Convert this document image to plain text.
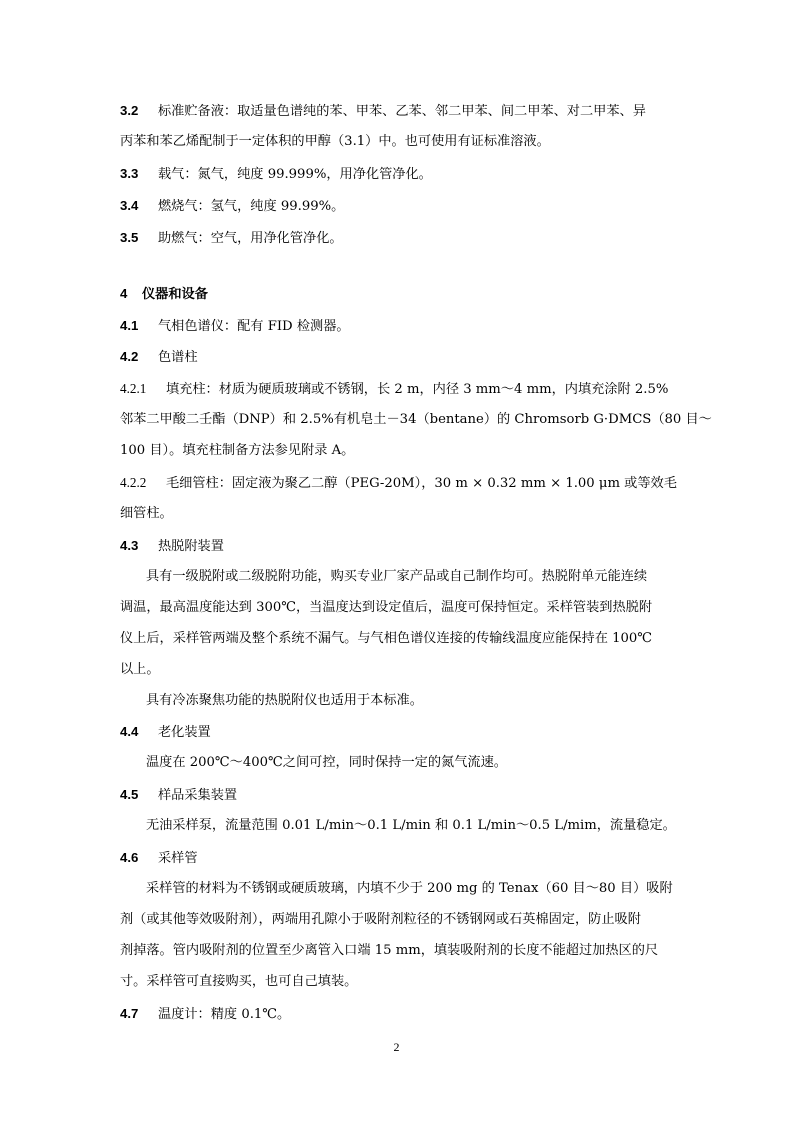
3.2 标准贮备液：取适量色谱纯的苯、甲苯、乙苯、邻二甲苯、间二甲苯、对二甲苯、异
丙苯和苯乙烯配制于一定体积的甲醇（3.1）中。也可使用有证标准溶液。
3.3 载气：氮气，纯度 99.999%，用净化管净化。
3.4 燃烧气：氢气，纯度 99.99%。
3.5 助燃气：空气，用净化管净化。
4 仪器和设备
4.1 气相色谱仪：配有 FID 检测器。
4.2 色谱柱
4.2.1 填充柱：材质为硬质玻璃或不锈钢，长 2 m，内径 3 mm～4 mm，内填充涂附 2.5%
邻苯二甲酸二壬酯（DNP）和 2.5%有机皂土－34（bentane）的 Chromsorb G·DMCS（80 目～
100 目）。填充柱制备方法参见附录 A。
4.2.2 毛细管柱：固定液为聚乙二醇（PEG-20M），30 m × 0.32 mm × 1.00 μm 或等效毛
细管柱。
4.3 热脱附装置
具有一级脱附或二级脱附功能，购买专业厂家产品或自己制作均可。热脱附单元能连续
调温，最高温度能达到 300℃，当温度达到设定值后，温度可保持恒定。采样管装到热脱附
仪上后，采样管两端及整个系统不漏气。与气相色谱仪连接的传输线温度应能保持在 100℃
以上。
具有冷冻聚焦功能的热脱附仪也适用于本标准。
4.4 老化装置
温度在 200℃～400℃之间可控，同时保持一定的氮气流速。
4.5 样品采集装置
无油采样泵，流量范围 0.01 L/min～0.1 L/min 和 0.1 L/min～0.5 L/mim，流量稳定。
4.6 采样管
采样管的材料为不锈钢或硬质玻璃，内填不少于 200 mg 的 Tenax（60 目～80 目）吸附
剂（或其他等效吸附剂），两端用孔隙小于吸附剂粒径的不锈钢网或石英棉固定，防止吸附
剂掉落。管内吸附剂的位置至少离管入口端 15 mm，填装吸附剂的长度不能超过加热区的尺
寸。采样管可直接购买，也可自己填装。
4.7 温度计：精度 0.1℃。
2
